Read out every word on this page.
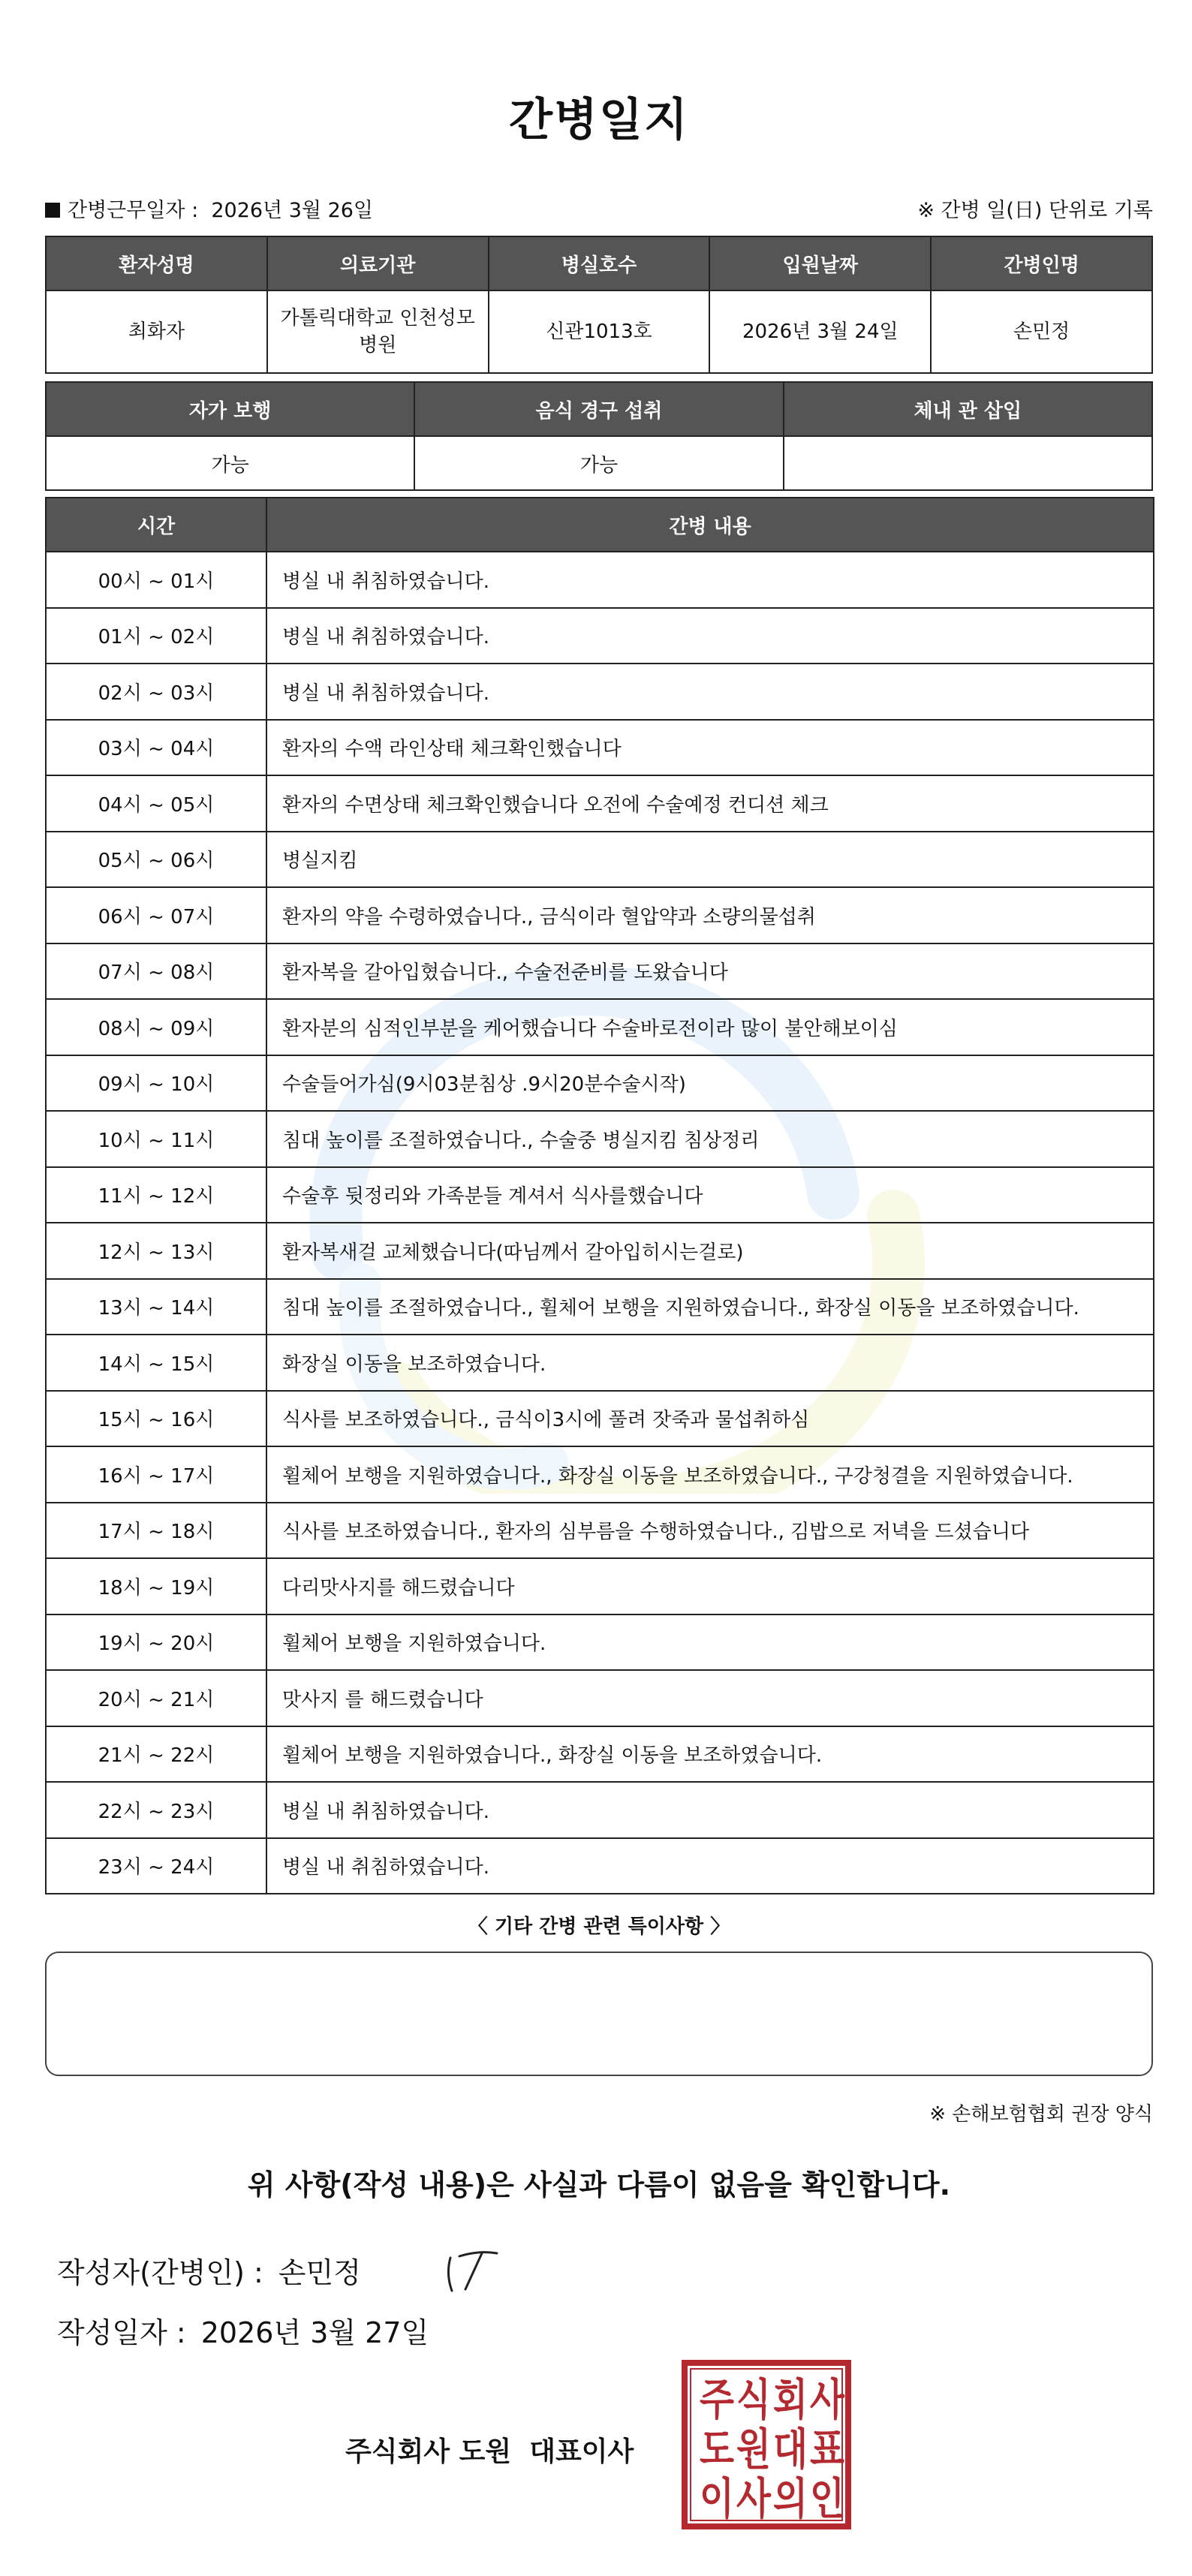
간병일지
간병근무일자 : 2026년 3월 26일	※ 간병 일(日) 단위로 기록
환자성명	의료기관	병실호수	입원날짜	간병인명
최화자	가톨릭대학교 인천성모병원	신관1013호	2026년 3월 24일	손민정
자가 보행	음식 경구 섭취	체내 관 삽입
가능	가능	
시간	간병 내용
00시 ~ 01시	병실 내 취침하였습니다.
01시 ~ 02시	병실 내 취침하였습니다.
02시 ~ 03시	병실 내 취침하였습니다.
03시 ~ 04시	환자의 수액 라인상태 체크확인했습니다
04시 ~ 05시	환자의 수면상태 체크확인했습니다 오전에 수술예정 컨디션 체크
05시 ~ 06시	병실지킴
06시 ~ 07시	환자의 약을 수령하였습니다., 금식이라 혈압약과 소량의물섭취
07시 ~ 08시	환자복을 갈아입혔습니다., 수술전준비를 도왔습니다
08시 ~ 09시	환자분의 심적인부분을 케어했습니다 수술바로전이라 많이 불안해보이심
09시 ~ 10시	수술들어가심(9시03분침상 .9시20분수술시작)
10시 ~ 11시	침대 높이를 조절하였습니다., 수술중 병실지킴 침상정리
11시 ~ 12시	수술후 뒷정리와 가족분들 계셔서 식사를했습니다
12시 ~ 13시	환자복새걸 교체했습니다(따님께서 갈아입히시는걸로)
13시 ~ 14시	침대 높이를 조절하였습니다., 휠체어 보행을 지원하였습니다., 화장실 이동을 보조하였습니다.
14시 ~ 15시	화장실 이동을 보조하였습니다.
15시 ~ 16시	식사를 보조하였습니다., 금식이3시에 풀려 잣죽과 물섭취하심
16시 ~ 17시	휠체어 보행을 지원하였습니다., 화장실 이동을 보조하였습니다., 구강청결을 지원하였습니다.
17시 ~ 18시	식사를 보조하였습니다., 환자의 심부름을 수행하였습니다., 김밥으로 저녁을 드셨습니다
18시 ~ 19시	다리맛사지를 해드렸습니다
19시 ~ 20시	휠체어 보행을 지원하였습니다.
20시 ~ 21시	맛사지 를 해드렸습니다
21시 ~ 22시	휠체어 보행을 지원하였습니다., 화장실 이동을 보조하였습니다.
22시 ~ 23시	병실 내 취침하였습니다.
23시 ~ 24시	병실 내 취침하였습니다.
〈 기타 간병 관련 특이사항 〉
※ 손해보험협회 권장 양식
위 사항(작성 내용)은 사실과 다름이 없음을 확인합니다.
작성자(간병인) : 손민정
작성일자 : 2026년 3월 27일
주식회사 도원 대표이사
주 식 회 사
도 원 대 표
이 사 의 인
